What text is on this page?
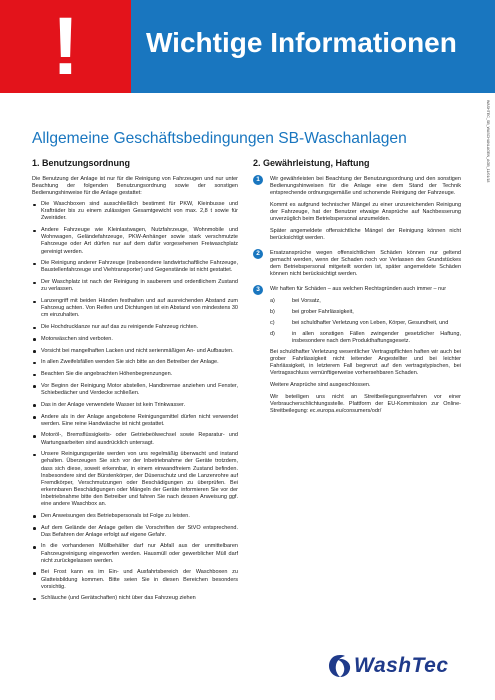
!	Wichtige Informationen
WASHTEC_SB_WASCHANLAGEN_AGB_11/01/18
Allgemeine Geschäftsbedingungen SB-Waschanlagen
1. Benutzungsordnung

Die Benutzung der Anlage ist nur für die Reinigung von Fahrzeugen und nur unter Beachtung der folgenden Benutzungsordnung sowie der sonstigen Bedienungshinweise für die Anlage gestattet:

Die Waschboxen sind ausschließlich bestimmt für PKW, Kleinbusse und Krafträder bis zu einem zulässigen Gesamtgewicht von max. 2,8 t sowie für Zweiräder.
Andere Fahrzeuge wie Kleinlastwagen, Nutzfahrzeuge, Wohnmobile und Wohnwagen, Geländefahrzeuge, PKW-Anhänger sowie stark verschmutzte Fahrzeuge oder Art dürfen nur auf dem dafür vorgesehenen Freiwaschplatz gereinigt werden.
Die Reinigung anderer Fahrzeuge (insbesondere landwirtschaftliche Fahrzeuge, Baustellenfahrzeuge und Viehtransporter) und Gegenstände ist nicht gestattet.
Der Waschplatz ist nach der Reinigung in sauberem und ordentlichem Zustand zu verlassen.
Lanzengriff mit beiden Händen festhalten und auf ausreichenden Abstand zum Fahrzeug achten. Von Reifen und Dichtungen ist ein Abstand von mindestens 30 cm einzuhalten.
Die Hochdrucklanze nur auf das zu reinigende Fahrzeug richten.
Motorwäschen sind verboten.
Vorsicht bei mangelhaften Lacken und nicht serienmäßigen An- und Aufbauten.
In allen Zweifelsfällen wenden Sie sich bitte an den Betreiber der Anlage.
Beachten Sie die angebrachten Höhenbegrenzungen.
Vor Beginn der Reinigung Motor abstellen, Handbremse anziehen und Fenster, Schiebedächer und Verdecke schließen.
Das in der Anlage verwendete Wasser ist kein Trinkwasser.
Andere als in der Anlage angebotene Reinigungsmittel dürfen nicht verwendet werden. Eine reine Handwäsche ist nicht gestattet.
Motoröl-, Bremsflüssigkeits- oder Getriebeölwechsel sowie Reparatur- und Wartungsarbeiten sind ausdrücklich untersagt.
Unsere Reinigungsgeräte werden von uns regelmäßig überwacht und instand gehalten. Überzeugen Sie sich vor der Inbetriebnahme der Geräte trotzdem, dass sich diese, soweit erkennbar, in einem einwandfreiem Zustand befinden. Insbesondere sind der Bürstenkörper, der Düsenschutz und die Lanzenrohre auf Fremdkörper, Verschmutzungen oder Beschädigungen zu überprüfen. Bei erkennbaren Beschädigungen oder Mängeln der Geräte informieren Sie vor der Inbetriebnahme bitte den Betreiber und fahren Sie nach dessen Anweisung ggf. eine andere Waschbox an.
Den Anweisungen des Betriebspersonals ist Folge zu leisten.
Auf dem Gelände der Anlage gelten die Vorschriften der StVO entsprechend. Das Befahren der Anlage erfolgt auf eigene Gefahr.
In die vorhandenen Müllbehälter darf nur Abfall aus der unmittelbaren Fahrzeugreinigung eingeworfen werden. Hausmüll oder gewerblicher Müll darf nicht zurückgelassen werden.
Bei Frost kann es im Ein- und Ausfahrtsbereich der Waschboxen zu Glatteisbildung kommen. Bitte seien Sie in diesen Bereichen besonders vorsichtig.
Schläuche (und Gerätschaften) nicht über das Fahrzeug ziehen
2. Gewährleistung, Haftung
1	Wir gewährleisten bei Beachtung der Benutzungsordnung und den sonstigen Bedienungshinweisen für die Anlage eine dem Stand der Technik entsprechende ordnungsgemäße und schonende Reinigung der Fahrzeuge.

Kommt es aufgrund technischer Mängel zu einer unzureichenden Reinigung der Fahrzeuge, hat der Benutzer etwaige Ansprüche auf Nachbesserung unverzüglich beim Betriebspersonal anzumelden.

Später angemeldete offensichtliche Mängel der Reinigung können nicht berücksichtigt werden.

2	Ersatzansprüche wegen offensichtlichen Schäden können nur geltend gemacht werden, wenn der Schaden noch vor Verlassen des Grundstückes dem Betriebspersonal mitgeteilt worden ist, später angemeldete Schäden können nicht berücksichtigt werden.

3	Wir haften für Schäden – aus welchen Rechtsgründen auch immer – nur

a)	bei Vorsatz,
b)	bei grober Fahrlässigkeit,
c)	bei schuldhafter Verletzung von Leben, Körper, Gesundheit, und
d)	in allen sonstigen Fällen zwingender gesetzlicher Haftung, insbesondere nach dem Produkthaftungsgesetz.

Bei schuldhafter Verletzung wesentlicher Vertragspflichten haften wir auch bei grober Fahrlässigkeit nicht leitender Angestellter und bei leichter Fahrlässigkeit, in letzterem Fall begrenzt auf den vertragstypischen, bei Vertragsschluss vernünftigerweise vorhersehbaren Schaden.

Weitere Ansprüche sind ausgeschlossen.

Wir beteiligen uns nicht an Streitbeilegungsverfahren vor einer Verbraucherschlichtungsstelle. Plattform der EU-Kommission zur Online-Streitbeilegung: ec.europa.eu/consumers/odr/

WashTec
